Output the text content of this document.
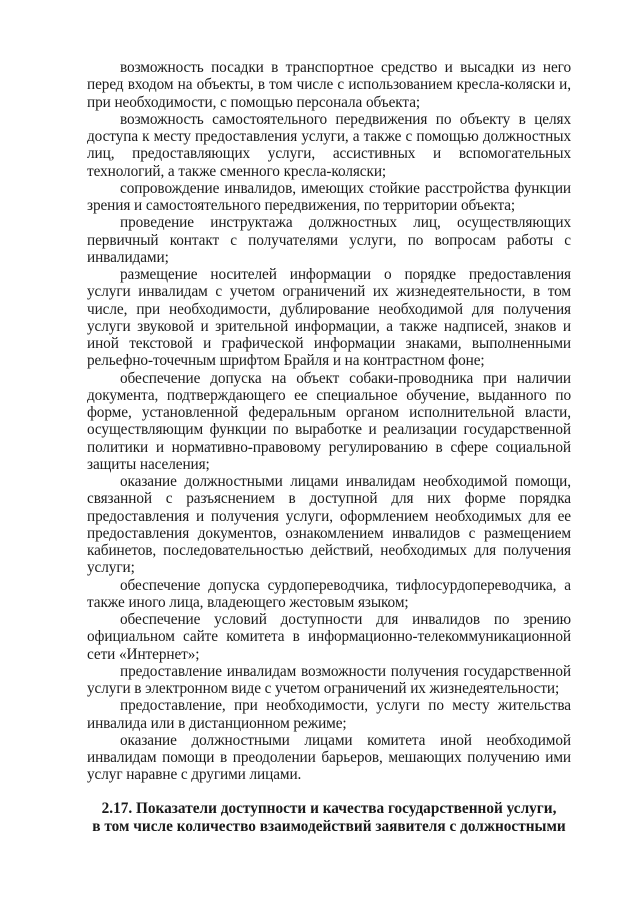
возможность посадки в транспортное средство и высадки из него перед входом на объекты, в том числе с использованием кресла-коляски и, при необходимости, с помощью персонала объекта;

возможность самостоятельного передвижения по объекту в целях доступа к месту предоставления услуги, а также с помощью должностных лиц, предоставляющих услуги, ассистивных и вспомогательных технологий, а также сменного кресла-коляски;

сопровождение инвалидов, имеющих стойкие расстройства функции зрения и самостоятельного передвижения, по территории объекта;

проведение инструктажа должностных лиц, осуществляющих первичный контакт с получателями услуги, по вопросам работы с инвалидами;

размещение носителей информации о порядке предоставления услуги инвалидам с учетом ограничений их жизнедеятельности, в том числе, при необходимости, дублирование необходимой для получения услуги звуковой и зрительной информации, а также надписей, знаков и иной текстовой и графической информации знаками, выполненными рельефно-точечным шрифтом Брайля и на контрастном фоне;

обеспечение допуска на объект собаки-проводника при наличии документа, подтверждающего ее специальное обучение, выданного по форме, установленной федеральным органом исполнительной власти, осуществляющим функции по выработке и реализации государственной политики и нормативно-правовому регулированию в сфере социальной защиты населения;

оказание должностными лицами инвалидам необходимой помощи, связанной с разъяснением в доступной для них форме порядка предоставления и получения услуги, оформлением необходимых для ее предоставления документов, ознакомлением инвалидов с размещением кабинетов, последовательностью действий, необходимых для получения услуги;

обеспечение допуска сурдопереводчика, тифлосурдопереводчика, а также иного лица, владеющего жестовым языком;

обеспечение условий доступности для инвалидов по зрению официальном сайте комитета в информационно-телекоммуникационной сети «Интернет»;

предоставление инвалидам возможности получения государственной услуги в электронном виде с учетом ограничений их жизнедеятельности;

предоставление, при необходимости, услуги по месту жительства инвалида или в дистанционном режиме;

оказание должностными лицами комитета иной необходимой инвалидам помощи в преодолении барьеров, мешающих получению ими услуг наравне с другими лицами.

2.17. Показатели доступности и качества государственной услуги,
в том числе количество взаимодействий заявителя с должностными
